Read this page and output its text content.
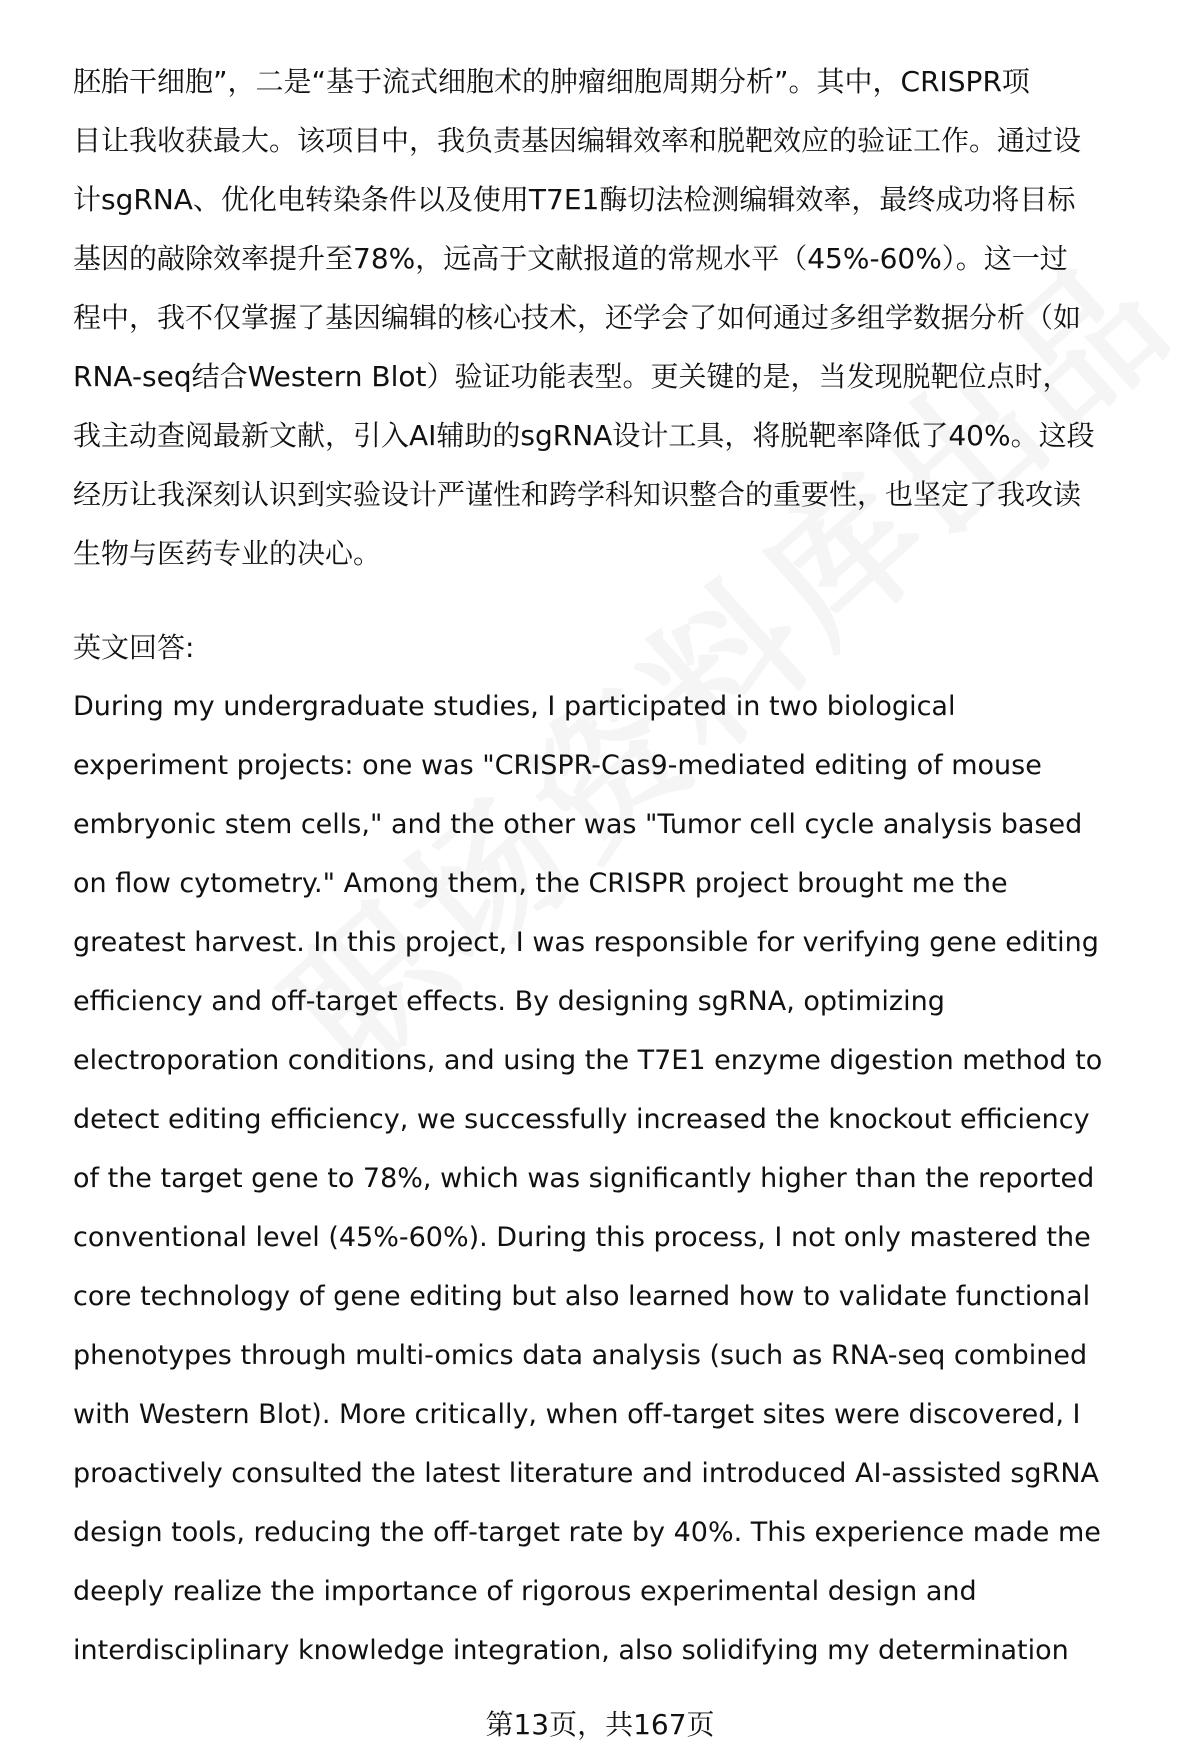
胚胎干细胞”，二是“基于流式细胞术的肿瘤细胞周期分析”。其中，CRISPR项
目让我收获最大。该项目中，我负责基因编辑效率和脱靶效应的验证工作。通过设
计sgRNA、优化电转染条件以及使用T7E1酶切法检测编辑效率，最终成功将目标
基因的敲除效率提升至78%，远高于文献报道的常规水平（45%-60%）。这一过
程中，我不仅掌握了基因编辑的核心技术，还学会了如何通过多组学数据分析（如
RNA-seq结合Western Blot）验证功能表型。更关键的是，当发现脱靶位点时，
我主动查阅最新文献，引入AI辅助的sgRNA设计工具，将脱靶率降低了40%。这段
经历让我深刻认识到实验设计严谨性和跨学科知识整合的重要性，也坚定了我攻读
生物与医药专业的决心。
英文回答:
During my undergraduate studies, I participated in two biological
experiment projects: one was "CRISPR-Cas9-mediated editing of mouse
embryonic stem cells," and the other was "Tumor cell cycle analysis based
on flow cytometry." Among them, the CRISPR project brought me the
greatest harvest. In this project, I was responsible for verifying gene editing
efficiency and off-target effects. By designing sgRNA, optimizing
electroporation conditions, and using the T7E1 enzyme digestion method to
detect editing efficiency, we successfully increased the knockout efficiency
of the target gene to 78%, which was significantly higher than the reported
conventional level (45%-60%). During this process, I not only mastered the
core technology of gene editing but also learned how to validate functional
phenotypes through multi-omics data analysis (such as RNA-seq combined
with Western Blot). More critically, when off-target sites were discovered, I
proactively consulted the latest literature and introduced AI-assisted sgRNA
design tools, reducing the off-target rate by 40%. This experience made me
deeply realize the importance of rigorous experimental design and
interdisciplinary knowledge integration, also solidifying my determination
第13页，共167页
